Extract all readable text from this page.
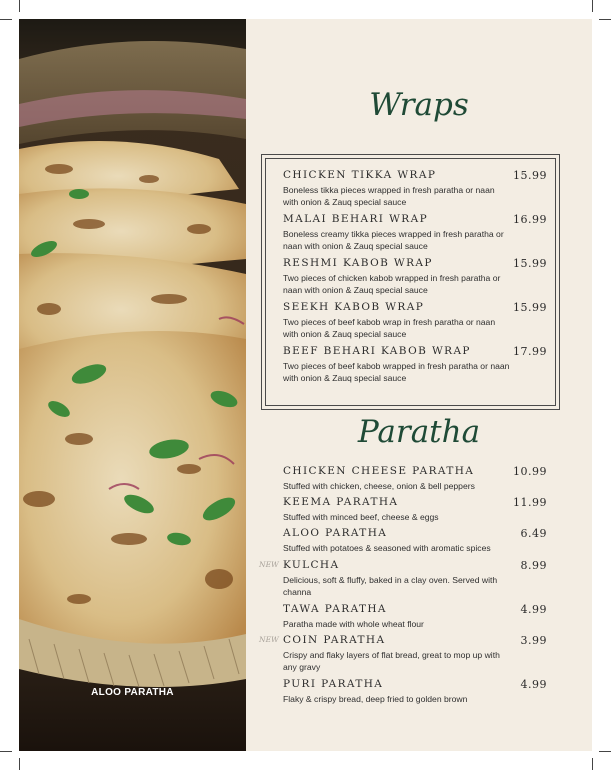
ALOO PARATHA
Wraps
CHICKEN TIKKA WRAP	15.99
Boneless tikka pieces wrapped in fresh paratha or naan with onion & Zauq special sauce
MALAI BEHARI WRAP	16.99
Boneless creamy tikka pieces wrapped in fresh paratha or naan with onion & Zauq special sauce
RESHMI KABOB WRAP	15.99
Two pieces of chicken kabob wrapped in fresh paratha or naan with onion & Zauq special sauce
SEEKH KABOB WRAP	15.99
Two pieces of beef kabob wrap in fresh paratha or naan with onion & Zauq special sauce
BEEF BEHARI KABOB WRAP	17.99
Two pieces of beef kabob wrapped in fresh paratha or naan with onion & Zauq special sauce
Paratha
CHICKEN CHEESE PARATHA	10.99
Stuffed with chicken, cheese, onion & bell peppers
KEEMA PARATHA	11.99
Stuffed with minced beef, cheese & eggs
ALOO PARATHA	6.49
Stuffed with potatoes & seasoned with aromatic spices
NEW KULCHA	8.99
Delicious, soft & fluffy, baked in a clay oven. Served with channa
TAWA PARATHA	4.99
Paratha made with whole wheat flour
NEW COIN PARATHA	3.99
Crispy and flaky layers of flat bread, great to mop up with any gravy
PURI PARATHA	4.99
Flaky & crispy bread, deep fried to golden brown
